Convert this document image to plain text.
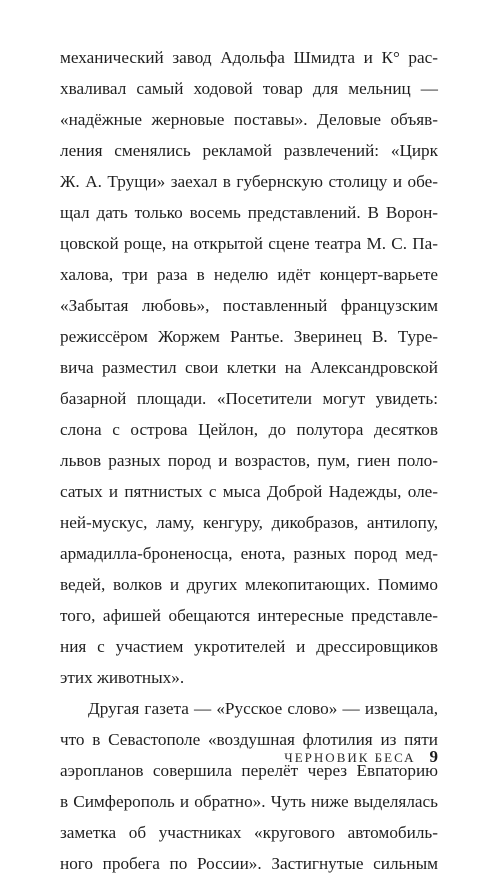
механический завод Адольфа Шмидта и К° рас-
хваливал самый ходовой товар для мельниц —
«надёжные жерновые поставы». Деловые объяв-
ления сменялись рекламой развлечений: «Цирк
Ж. А. Трущи» заехал в губернскую столицу и обе-
щал дать только восемь представлений. В Ворон-
цовской роще, на открытой сцене театра М. С. Па-
халова, три раза в неделю идёт концерт-варьете
«Забытая любовь», поставленный французским
режиссёром Жоржем Рантье. Зверинец В. Туре-
вича разместил свои клетки на Александровской
базарной площади. «Посетители могут увидеть:
слона с острова Цейлон, до полутора десятков
львов разных пород и возрастов, пум, гиен поло-
сатых и пятнистых с мыса Доброй Надежды, оле-
ней-мускус, ламу, кенгуру, дикобразов, антилопу,
армадилла-броненосца, енота, разных пород мед-
ведей, волков и других млекопитающих. Помимо
того, афишей обещаются интересные представле-
ния с участием укротителей и дрессировщиков
этих животных».
Другая газета — «Русское слово» — извещала,
что в Севастополе «воздушная флотилия из пяти
аэропланов совершила перелёт через Евпаторию
в Симферополь и обратно». Чуть ниже выделялась
заметка об участниках «кругового автомобиль-
ного пробега по России». Застигнутые сильным
ЧЕРНОВИК БЕСА 9
